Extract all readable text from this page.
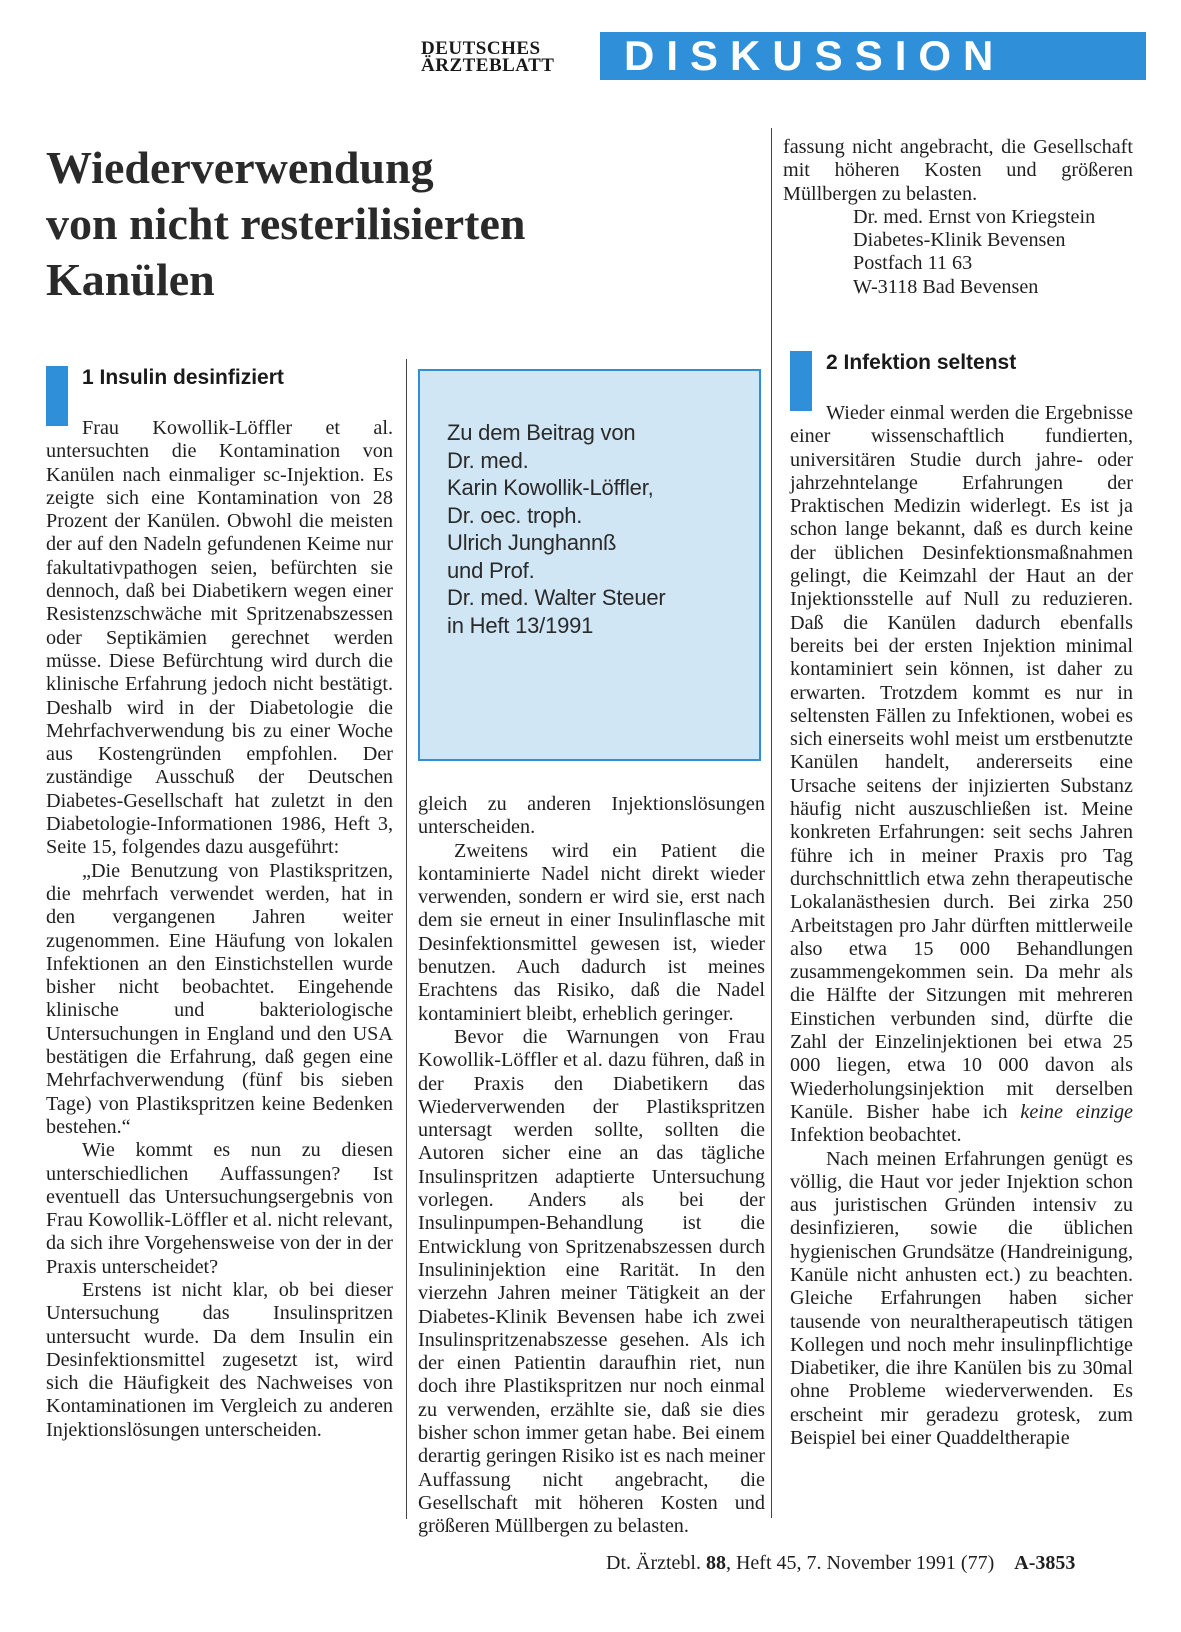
DEUTSCHES
ÄRZTEBLATT	DISKUSSION
Wiederverwendung
von nicht resterilisierten
Kanülen
1 Insulin desinfiziert

Frau Kowollik-Löffler et al. untersuchten die Kontamination von Kanülen nach einmaliger sc-Injektion. Es zeigte sich eine Kontamination von 28 Prozent der Kanülen. Obwohl die meisten der auf den Nadeln gefundenen Keime nur fakultativpathogen seien, befürchten sie dennoch, daß bei Diabetikern wegen einer Resistenzschwäche mit Spritzenabszessen oder Septikämien gerechnet werden müsse. Diese Befürchtung wird durch die klinische Erfahrung jedoch nicht bestätigt. Deshalb wird in der Diabetologie die Mehrfachverwendung bis zu einer Woche aus Kostengründen empfohlen. Der zuständige Ausschuß der Deutschen Diabetes-Gesellschaft hat zuletzt in den Diabetologie-Informationen 1986, Heft 3, Seite 15, folgendes dazu ausgeführt:

„Die Benutzung von Plastikspritzen, die mehrfach verwendet werden, hat in den vergangenen Jahren weiter zugenommen. Eine Häufung von lokalen Infektionen an den Einstichstellen wurde bisher nicht beobachtet. Eingehende klinische und bakteriologische Untersuchungen in England und den USA bestätigen die Erfahrung, daß gegen eine Mehrfachverwendung (fünf bis sieben Tage) von Plastikspritzen keine Bedenken bestehen.“

Wie kommt es nun zu diesen unterschiedlichen Auffassungen? Ist eventuell das Untersuchungsergebnis von Frau Kowollik-Löffler et al. nicht relevant, da sich ihre Vorgehensweise von der in der Praxis unterscheidet?

Erstens ist nicht klar, ob bei dieser Untersuchung das Insulinspritzen untersucht wurde. Da dem Insulin ein Desinfektionsmittel zugesetzt ist, wird sich die Häufigkeit des Nachweises von Kontaminationen im Vergleich zu anderen Injektionslösungen unterscheiden.

Zu dem Beitrag von
Dr. med.
Karin Kowollik-Löffler,
Dr. oec. troph.
Ulrich Junghannß
und Prof.
Dr. med. Walter Steuer
in Heft 13/1991

gleich zu anderen Injektionslösungen unterscheiden.

Zweitens wird ein Patient die kontaminierte Nadel nicht direkt wieder verwenden, sondern er wird sie, erst nach dem sie erneut in einer Insulinflasche mit Desinfektionsmittel gewesen ist, wieder benutzen. Auch dadurch ist meines Erachtens das Risiko, daß die Nadel kontaminiert bleibt, erheblich geringer.

Bevor die Warnungen von Frau Kowollik-Löffler et al. dazu führen, daß in der Praxis den Diabetikern das Wiederverwenden der Plastikspritzen untersagt werden sollte, sollten die Autoren sicher eine an das tägliche Insulinspritzen adaptierte Untersuchung vorlegen. Anders als bei der Insulinpumpen-Behandlung ist die Entwicklung von Spritzenabszessen durch Insulininjektion eine Rarität. In den vierzehn Jahren meiner Tätigkeit an der Diabetes-Klinik Bevensen habe ich zwei Insulinspritzenabszesse gesehen. Als ich der einen Patientin daraufhin riet, nun doch ihre Plastikspritzen nur noch einmal zu verwenden, erzählte sie, daß sie dies bisher schon immer getan habe. Bei einem derartig geringen Risiko ist es nach meiner Auffassung nicht angebracht, die Gesellschaft mit höheren Kosten und größeren Müllbergen zu belasten.

fassung nicht angebracht, die Gesellschaft mit höheren Kosten und größeren Müllbergen zu belasten.

Dr. med. Ernst von Kriegstein
Diabetes-Klinik Bevensen
Postfach 11 63
W-3118 Bad Bevensen

2 Infektion seltenst

Wieder einmal werden die Ergebnisse einer wissenschaftlich fundierten, universitären Studie durch jahre- oder jahrzehntelange Erfahrungen der Praktischen Medizin widerlegt. Es ist ja schon lange bekannt, daß es durch keine der üblichen Desinfektionsmaßnahmen gelingt, die Keimzahl der Haut an der Injektionsstelle auf Null zu reduzieren. Daß die Kanülen dadurch ebenfalls bereits bei der ersten Injektion minimal kontaminiert sein können, ist daher zu erwarten. Trotzdem kommt es nur in seltensten Fällen zu Infektionen, wobei es sich einerseits wohl meist um erstbenutzte Kanülen handelt, andererseits eine Ursache seitens der injizierten Substanz häufig nicht auszuschließen ist. Meine konkreten Erfahrungen: seit sechs Jahren führe ich in meiner Praxis pro Tag durchschnittlich etwa zehn therapeutische Lokalanästhesien durch. Bei zirka 250 Arbeitstagen pro Jahr dürften mittlerweile also etwa 15 000 Behandlungen zusammengekommen sein. Da mehr als die Hälfte der Sitzungen mit mehreren Einstichen verbunden sind, dürfte die Zahl der Einzelinjektionen bei etwa 25 000 liegen, etwa 10 000 davon als Wiederholungsinjektion mit derselben Kanüle. Bisher habe ich keine einzige Infektion beobachtet.

Nach meinen Erfahrungen genügt es völlig, die Haut vor jeder Injektion schon aus juristischen Gründen intensiv zu desinfizieren, sowie die üblichen hygienischen Grundsätze (Handreinigung, Kanüle nicht anhusten ect.) zu beachten. Gleiche Erfahrungen haben sicher tausende von neuraltherapeutisch tätigen Kollegen und noch mehr insulinpflichtige Diabetiker, die ihre Kanülen bis zu 30mal ohne Probleme wiederverwenden. Es erscheint mir geradezu grotesk, zum Beispiel bei einer Quaddeltherapie

Dt. Ärztebl. 88, Heft 45, 7. November 1991 (77) A-3853
